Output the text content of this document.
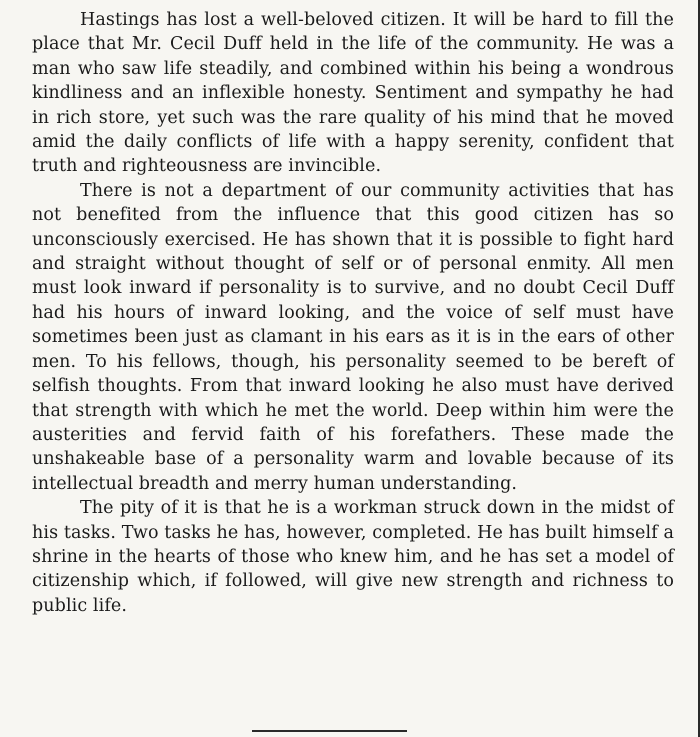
Hastings has lost a well-beloved citizen. It will be hard to fill the place that Mr. Cecil Duff held in the life of the community. He was a man who saw life steadily, and combined within his being a wondrous kindliness and an inflexible honesty. Sentiment and sympathy he had in rich store, yet such was the rare quality of his mind that he moved amid the daily conflicts of life with a happy serenity, confident that truth and righteousness are invincible.

There is not a department of our community activities that has not benefited from the influence that this good citizen has so unconsciously exercised. He has shown that it is possible to fight hard and straight without thought of self or of personal enmity. All men must look inward if personality is to survive, and no doubt Cecil Duff had his hours of inward looking, and the voice of self must have sometimes been just as clamant in his ears as it is in the ears of other men. To his fellows, though, his personality seemed to be bereft of selfish thoughts. From that inward looking he also must have derived that strength with which he met the world. Deep within him were the austerities and fervid faith of his forefathers. These made the unshakeable base of a personality warm and lovable because of its intellectual breadth and merry human understanding.

The pity of it is that he is a workman struck down in the midst of his tasks. Two tasks he has, however, completed. He has built himself a shrine in the hearts of those who knew him, and he has set a model of citizenship which, if followed, will give new strength and richness to public life.
